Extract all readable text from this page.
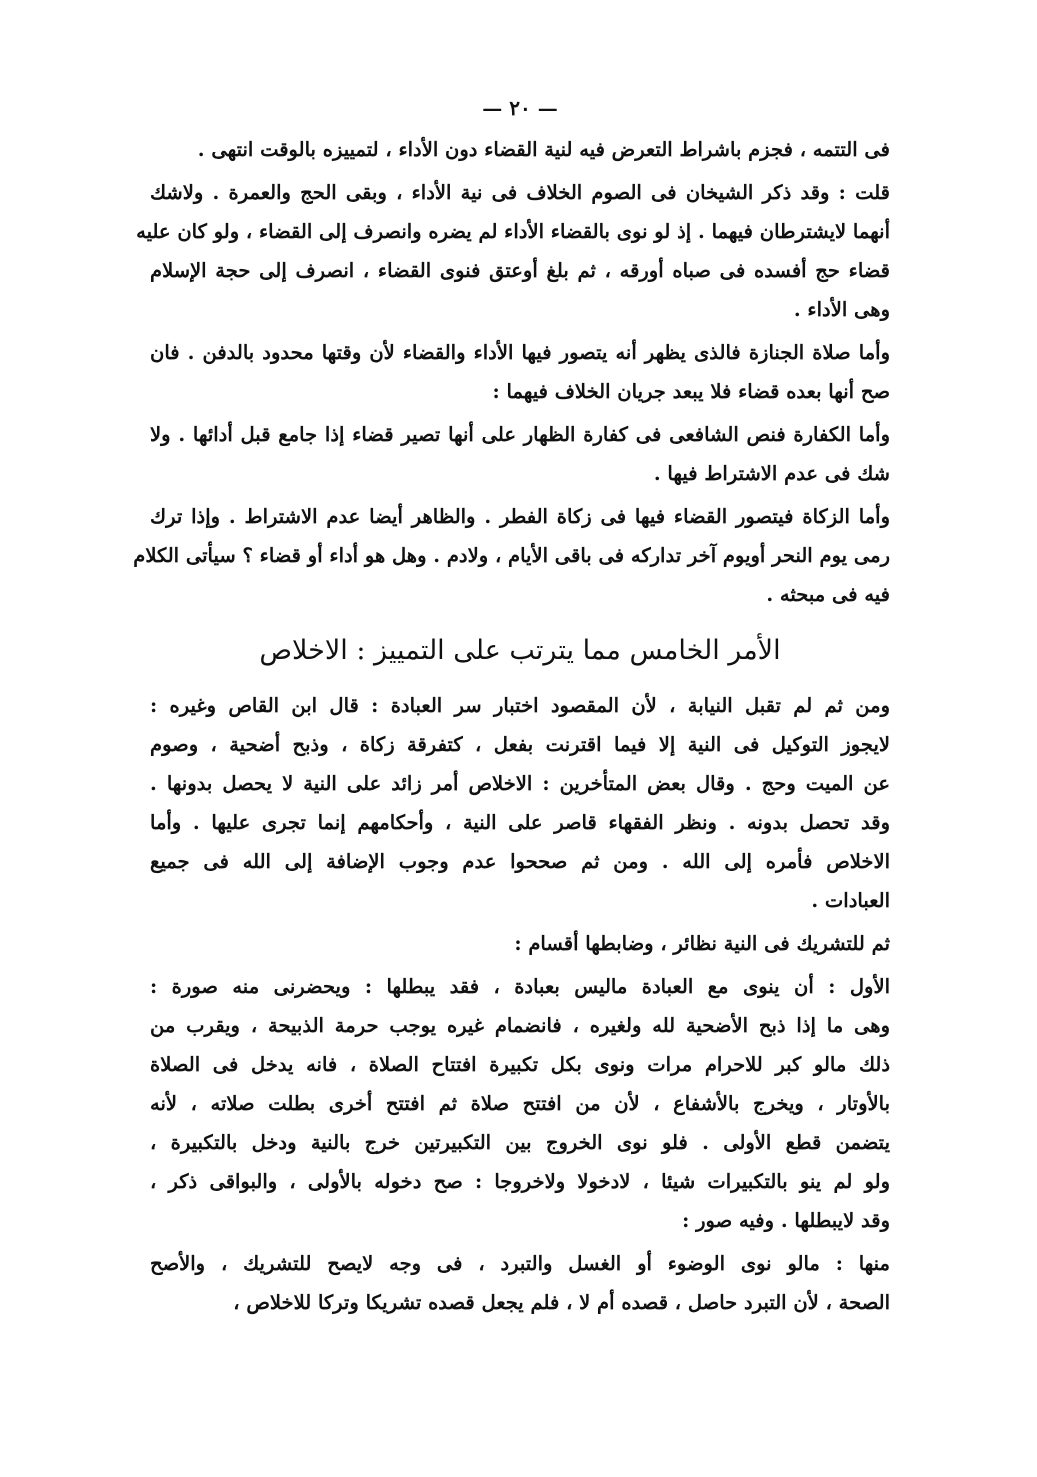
— ٢٠ —
فى التتمه ، فجزم باشراط التعرض فيه لنية القضاء دون الأداء ، لتمييزه بالوقت انتهى .
قلت : وقد ذكر الشيخان فى الصوم الخلاف فى نية الأداء ، وبقى الحج والعمرة . ولاشك
أنهما لايشترطان فيهما . إذ لو نوى بالقضاء الأداء لم يضره وانصرف إلى القضاء ، ولو كان عليه
قضاء حج أفسده فى صباه أورقه ، ثم بلغ أوعتق فنوى القضاء ، انصرف إلى حجة الإسلام
وهى الأداء .
وأما صلاة الجنازة فالذى يظهر أنه يتصور فيها الأداء والقضاء لأن وقتها محدود بالدفن . فان
صح أنها بعده قضاء فلا يبعد جريان الخلاف فيهما :
وأما الكفارة فنص الشافعى فى كفارة الظهار على أنها تصير قضاء إذا جامع قبل أدائها . ولا
شك فى عدم الاشتراط فيها .
وأما الزكاة فيتصور القضاء فيها فى زكاة الفطر . والظاهر أيضا عدم الاشتراط . وإذا ترك
رمى يوم النحر أويوم آخر تداركه فى باقى الأيام ، ولادم . وهل هو أداء أو قضاء ؟ سيأتى الكلام
فيه فى مبحثه .
الأمر الخامس مما يترتب على التمييز : الاخلاص
ومن ثم لم تقبل النيابة ، لأن المقصود اختبار سر العبادة : قال ابن القاص وغيره :
لايجوز التوكيل فى النية إلا فيما اقترنت بفعل ، كتفرقة زكاة ، وذبح أضحية ، وصوم
عن الميت وحج . وقال بعض المتأخرين : الاخلاص أمر زائد على النية لا يحصل بدونها .
وقد تحصل بدونه . ونظر الفقهاء قاصر على النية ، وأحكامهم إنما تجرى عليها . وأما
الاخلاص فأمره إلى الله . ومن ثم صححوا عدم وجوب الإضافة إلى الله فى جميع
العبادات .
ثم للتشريك فى النية نظائر ، وضابطها أقسام :
الأول : أن ينوى مع العبادة ماليس بعبادة ، فقد يبطلها : ويحضرنى منه صورة :
وهى ما إذا ذبح الأضحية لله ولغيره ، فانضمام غيره يوجب حرمة الذبيحة ، ويقرب من
ذلك مالو كبر للاحرام مرات ونوى بكل تكبيرة افتتاح الصلاة ، فانه يدخل فى الصلاة
بالأوتار ، ويخرج بالأشفاع ، لأن من افتتح صلاة ثم افتتح أخرى بطلت صلاته ، لأنه
يتضمن قطع الأولى . فلو نوى الخروج بين التكبيرتين خرج بالنية ودخل بالتكبيرة ،
ولو لم ينو بالتكبيرات شيئا ، لادخولا ولاخروجا : صح دخوله بالأولى ، والبواقى ذكر ،
وقد لايبطلها . وفيه صور :
منها : مالو نوى الوضوء أو الغسل والتبرد ، فى وجه لايصح للتشريك ، والأصح
الصحة ، لأن التبرد حاصل ، قصده أم لا ، فلم يجعل قصده تشريكا وتركا للاخلاص ،
